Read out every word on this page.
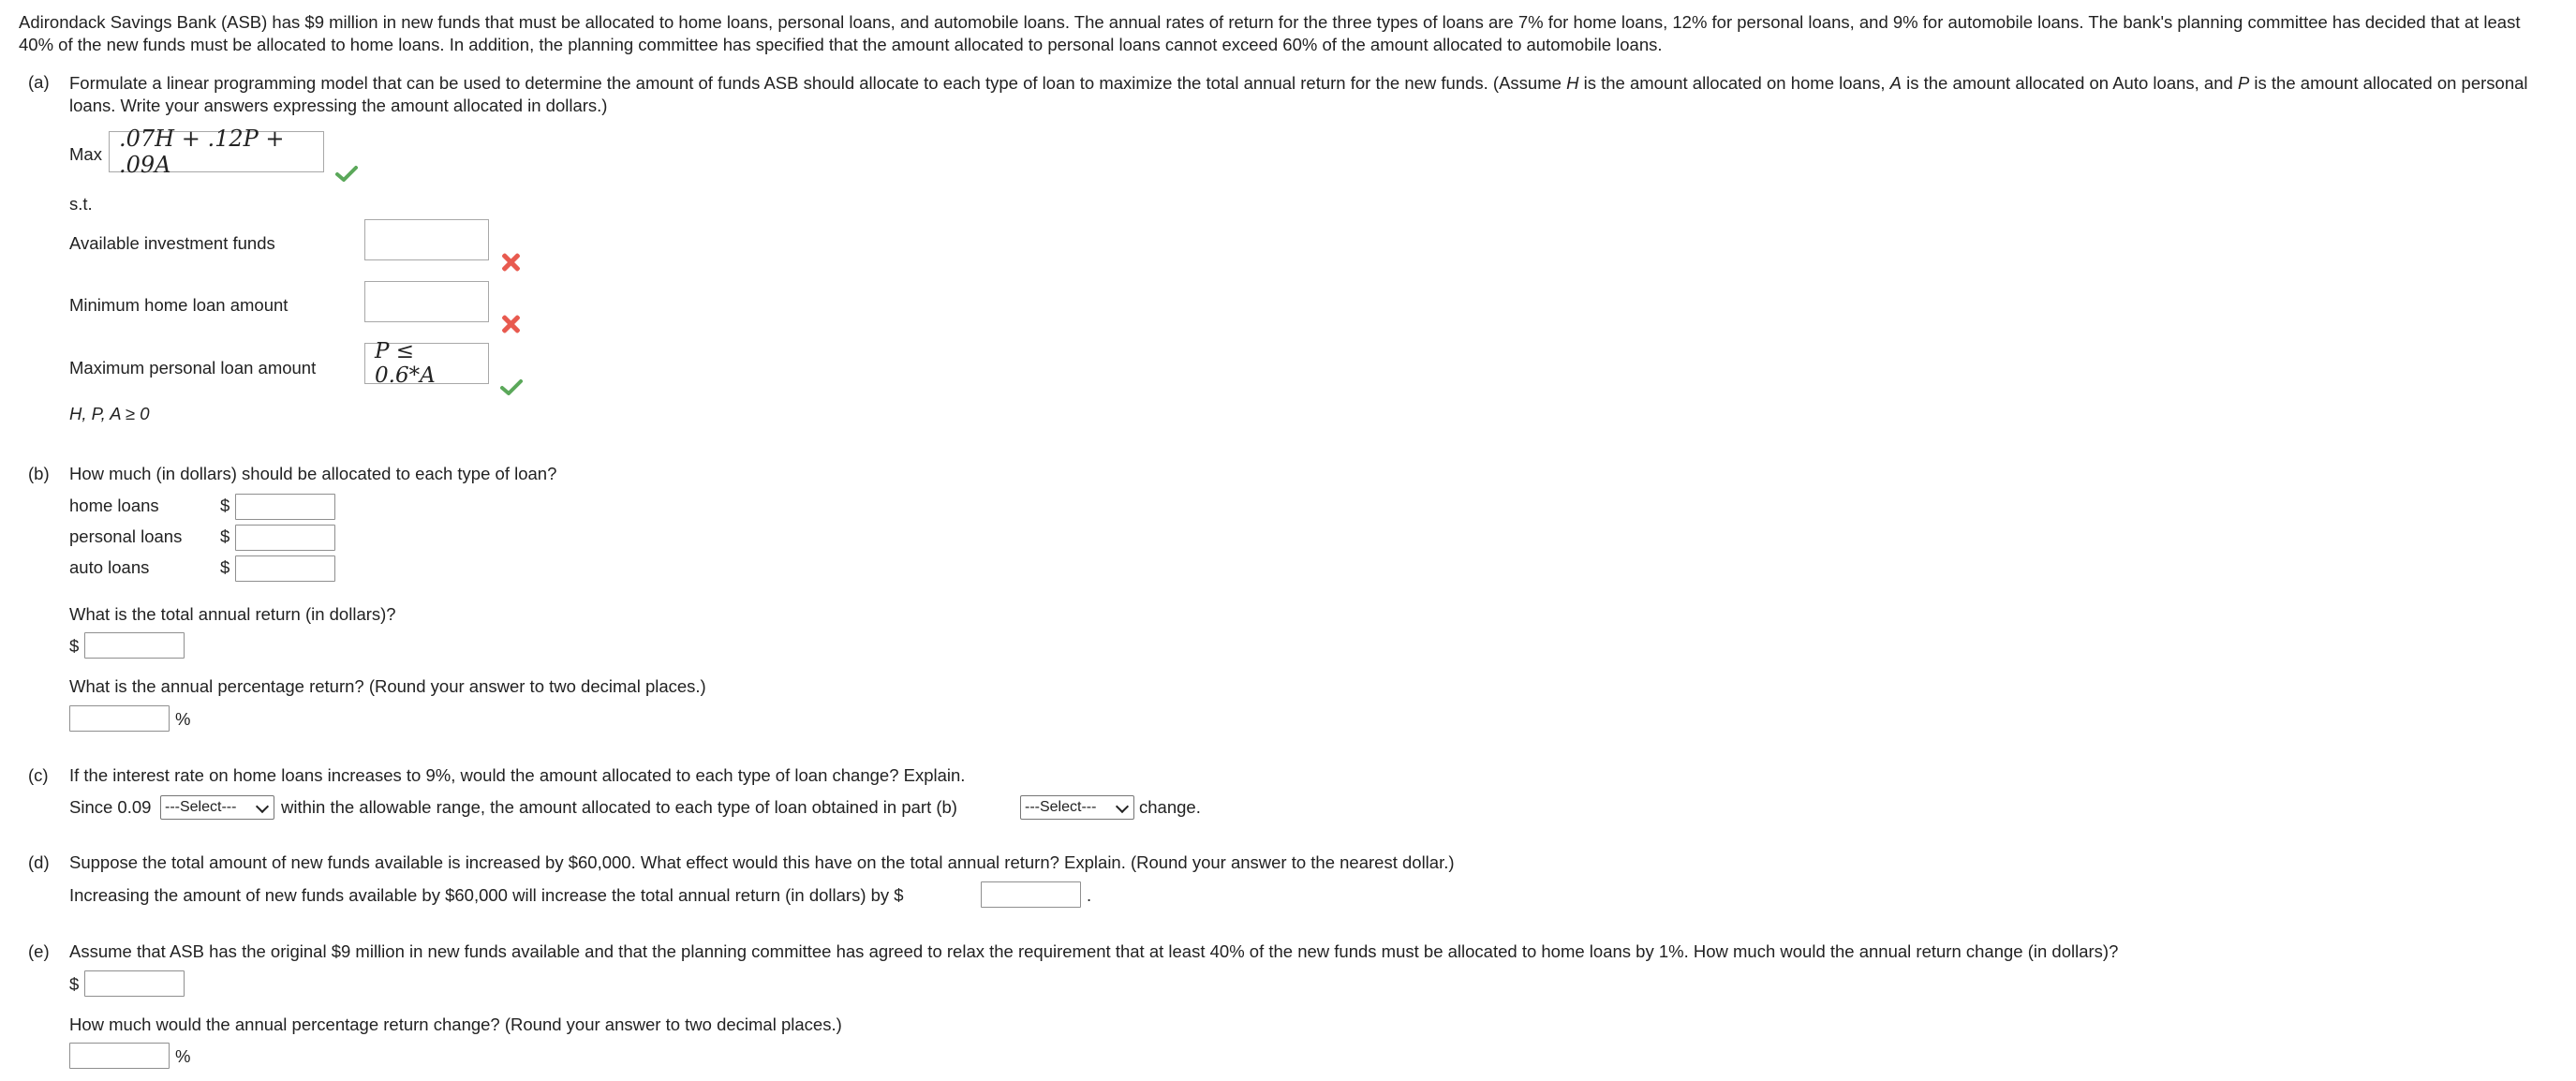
Adirondack Savings Bank (ASB) has $9 million in new funds that must be allocated to home loans, personal loans, and automobile loans. The annual rates of return for the three types of loans are 7% for home loans, 12% for personal loans, and 9% for automobile loans. The bank's planning committee has decided that at least 40% of the new funds must be allocated to home loans. In addition, the planning committee has specified that the amount allocated to personal loans cannot exceed 60% of the amount allocated to automobile loans.
(a) Formulate a linear programming model that can be used to determine the amount of funds ASB should allocate to each type of loan to maximize the total annual return for the new funds. (Assume H is the amount allocated on home loans, A is the amount allocated on Auto loans, and P is the amount allocated on personal loans. Write your answers expressing the amount allocated in dollars.)
Max
.07H + .12P + .09A
s.t.
Available investment funds
Minimum home loan amount
Maximum personal loan amount
P ≤ 0.6*A
H, P, A ≥ 0
(b) How much (in dollars) should be allocated to each type of loan?
home loans	$
personal loans $
auto loans	$
What is the total annual return (in dollars)?
$
What is the annual percentage return? (Round your answer to two decimal places.)
%
(c) If the interest rate on home loans increases to 9%, would the amount allocated to each type of loan change? Explain.
Since 0.09 ---Select---	within the allowable range, the amount allocated to each type of loan obtained in part (b)	---Select--- change.
(d) Suppose the total amount of new funds available is increased by $60,000. What effect would this have on the total annual return? Explain. (Round your answer to the nearest dollar.)
Increasing the amount of new funds available by $60,000 will increase the total annual return (in dollars) by $	.
(e) Assume that ASB has the original $9 million in new funds available and that the planning committee has agreed to relax the requirement that at least 40% of the new funds must be allocated to home loans by 1%. How much would the annual return change (in dollars)?
$
How much would the annual percentage return change? (Round your answer to two decimal places.)
%
